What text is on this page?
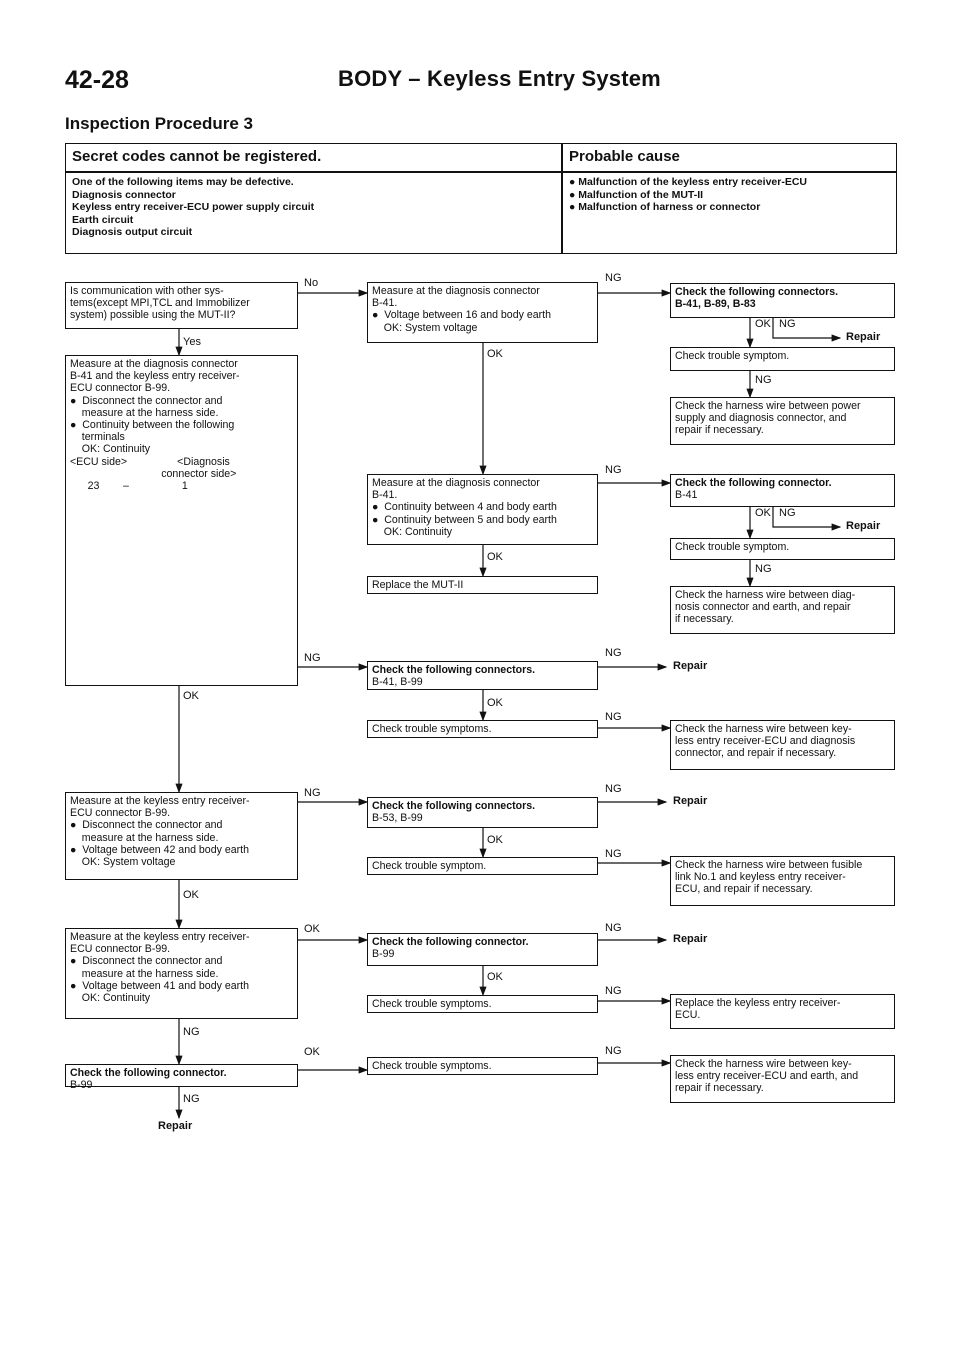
42-28	BODY – Keyless Entry System
Inspection Procedure 3
Secret codes cannot be registered.	Probable cause
One of the following items may be defective.
Diagnosis connector
Keyless entry receiver-ECU power supply circuit
Earth circuit
Diagnosis output circuit
● Malfunction of the keyless entry receiver-ECU
● Malfunction of the MUT-II
● Malfunction of harness or connector
Is communication with other sys-
tems(except MPI,TCL and Immobilizer
system) possible using the MUT-II?
Measure at the diagnosis connector
B-41 and the keyless entry receiver-
ECU connector B-99.
●  Disconnect the connector and
measure at the harness side.
●  Continuity between the following
terminals
OK: Continuity
<ECU side>                 <Diagnosis
connector side>
23        –                  1
Measure at the keyless entry receiver-
ECU connector B-99.
●  Disconnect the connector and
measure at the harness side.
●  Voltage between 42 and body earth
OK: System voltage
Measure at the keyless entry receiver-
ECU connector B-99.
●  Disconnect the connector and
measure at the harness side.
●  Voltage between 41 and body earth
OK: Continuity
Check the following connector.
B-99
Measure at the diagnosis connector
B-41.
●  Voltage between 16 and body earth
OK: System voltage
Measure at the diagnosis connector
B-41.
●  Continuity between 4 and body earth
●  Continuity between 5 and body earth
OK: Continuity
Replace the MUT-II
Check the following connectors.
B-41, B-99
Check trouble symptoms.
Check the following connectors.
B-53, B-99
Check trouble symptom.
Check the following connector.
B-99
Check trouble symptoms.
Check trouble symptoms.
Check the following connectors.
B-41, B-89, B-83
Check trouble symptom.
Check the harness wire between power
supply and diagnosis connector, and
repair if necessary.
Check the following connector.
B-41
Check trouble symptom.
Check the harness wire between diag-
nosis connector and earth, and repair
if necessary.
Check the harness wire between key-
less entry receiver-ECU and diagnosis
connector, and repair if necessary.
Check the harness wire between fusible
link No.1 and keyless entry receiver-
ECU, and repair if necessary.
Replace the keyless entry receiver-
ECU.
Check the harness wire between key-
less entry receiver-ECU and earth, and
repair if necessary.
Repair
Repair
Repair
Repair
Repair
Repair
No
Yes
NG
OK
NG
OK
OK
NG
OK
NG
NG
OK
NG
OK
NG
OK
NG
NG
OK
NG
NG
OK
NG
NG
OK NG
NG
OK NG
NG
